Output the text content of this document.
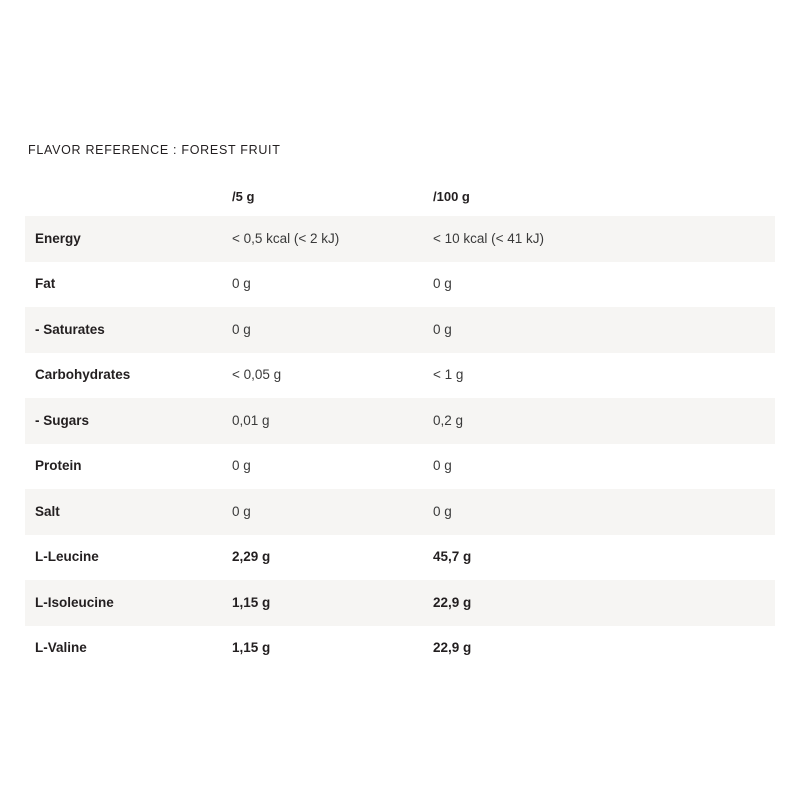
FLAVOR REFERENCE : FOREST FRUIT
	/5 g	/100 g
Energy	< 0,5 kcal (< 2 kJ)	< 10 kcal (< 41 kJ)
Fat	0 g	0 g
- Saturates	0 g	0 g
Carbohydrates	< 0,05 g	< 1 g
- Sugars	0,01 g	0,2 g
Protein	0 g	0 g
Salt	0 g	0 g
L-Leucine	2,29 g	45,7 g
L-Isoleucine	1,15 g	22,9 g
L-Valine	1,15 g	22,9 g
